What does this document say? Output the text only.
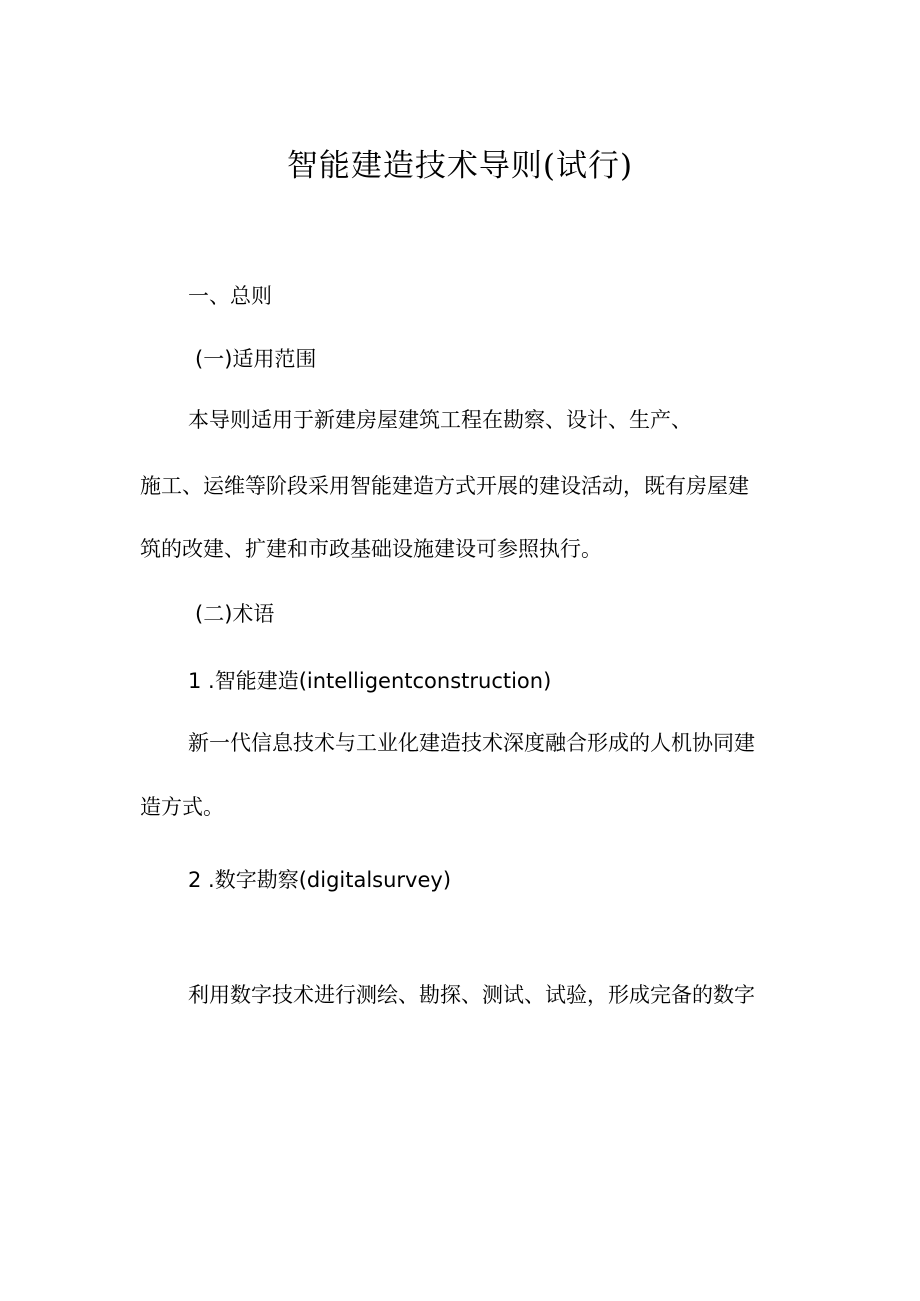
智能建造技术导则(试行)
一、总则
(一)适用范围
本导则适用于新建房屋建筑工程在勘察、设计、生产、
施工、运维等阶段采用智能建造方式开展的建设活动，既有房屋建
筑的改建、扩建和市政基础设施建设可参照执行。
(二)术语
1 .智能建造(intelligentconstruction)
新一代信息技术与工业化建造技术深度融合形成的人机协同建
造方式。
2 .数字勘察(digitalsurvey)
利用数字技术进行测绘、勘探、测试、试验，形成完备的数字
